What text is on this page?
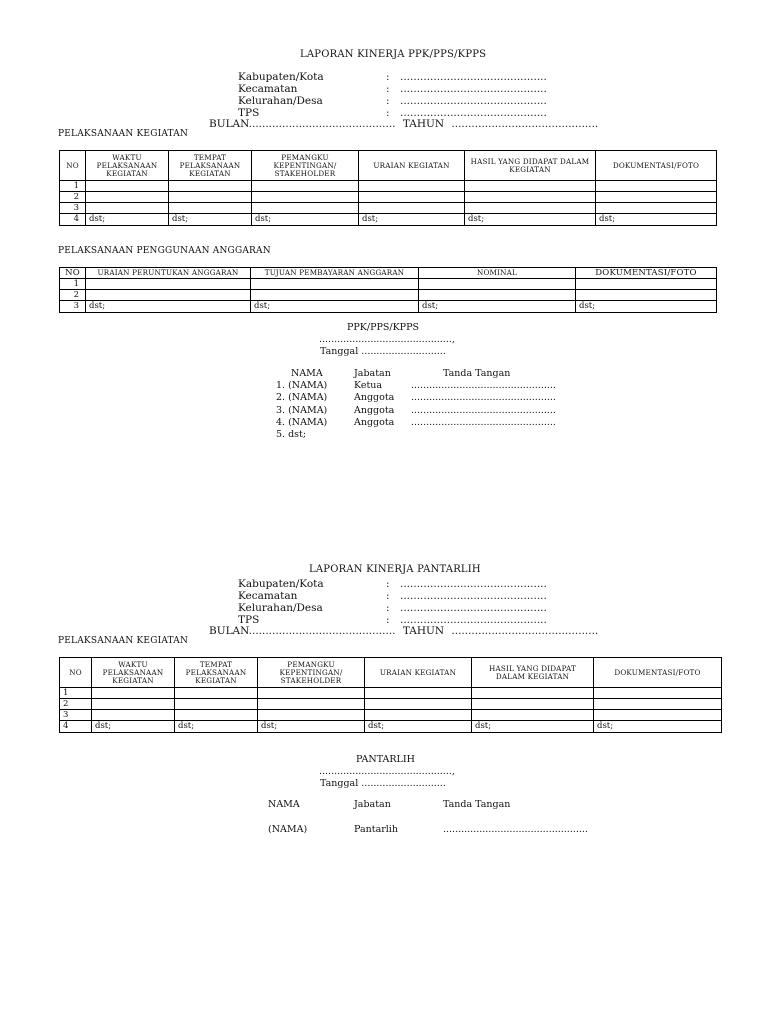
LAPORAN KINERJA PPK/PPS/KPPS
Kabupaten/Kota	: ............................................
Kecamatan	: ............................................
Kelurahan/Desa	: ............................................
TPS	: ............................................
BULAN............................................ TAHUN ............................................
PELAKSANAAN KEGIATAN
NO	WAKTU PELAKSANAAN KEGIATAN	TEMPAT PELAKSANAAN KEGIATAN	PEMANGKU KEPENTINGAN/ STAKEHOLDER	URAIAN KEGIATAN	HASIL YANG DIDAPAT DALAM KEGIATAN	DOKUMENTASI/FOTO
1						
2						
3						
4	dst;	dst;	dst;	dst;	dst;	dst;
PELAKSANAAN PENGGUNAAN ANGGARAN
NO	URAIAN PERUNTUKAN ANGGARAN	TUJUAN PEMBAYARAN ANGGARAN	NOMINAL	DOKUMENTASI/FOTO
1				
2				
3	dst;	dst;	dst;	dst;
PPK/PPS/KPPS
............................................,
Tanggal ............................
NAMA	Jabatan	Tanda Tangan
1. (NAMA)	Ketua	................................................
2. (NAMA)	Anggota ................................................
3. (NAMA)	Anggota ................................................
4. (NAMA)	Anggota ................................................
5. dst;
LAPORAN KINERJA PANTARLIH
Kabupaten/Kota	: ............................................
Kecamatan	: ............................................
Kelurahan/Desa	: ............................................
TPS	: ............................................
BULAN............................................ TAHUN ............................................
PELAKSANAAN KEGIATAN
NO	WAKTU PELAKSANAAN KEGIATAN	TEMPAT PELAKSANAAN KEGIATAN	PEMANGKU KEPENTINGAN/ STAKEHOLDER	URAIAN KEGIATAN	HASIL YANG DIDAPAT DALAM KEGIATAN	DOKUMENTASI/FOTO
1						
2						
3						
4	dst;	dst;	dst;	dst;	dst;	dst;
PANTARLIH
............................................,
Tanggal ............................
NAMA	Jabatan	Tanda Tangan
(NAMA)	Pantarlih	................................................
